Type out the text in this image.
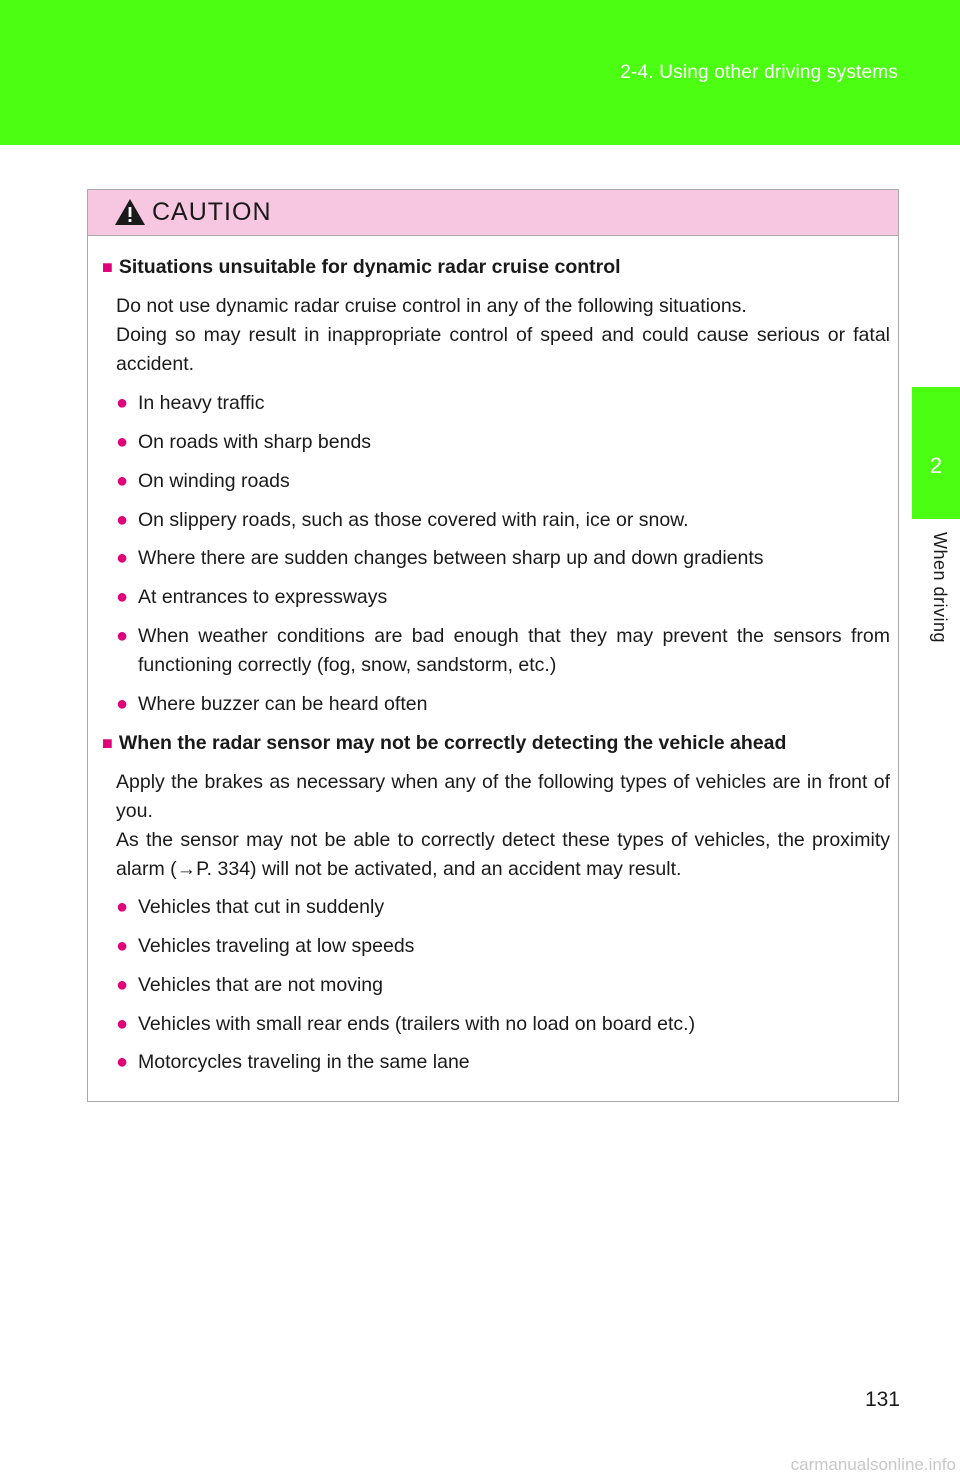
2-4. Using other driving systems
2
When driving
CAUTION
■ Situations unsuitable for dynamic radar cruise control
Do not use dynamic radar cruise control in any of the following situations.
Doing so may result in inappropriate control of speed and could cause serious or fatal accident.
● In heavy traffic
● On roads with sharp bends
● On winding roads
● On slippery roads, such as those covered with rain, ice or snow.
● Where there are sudden changes between sharp up and down gradients
● At entrances to expressways
● When weather conditions are bad enough that they may prevent the sensors from functioning correctly (fog, snow, sandstorm, etc.)
● Where buzzer can be heard often
■ When the radar sensor may not be correctly detecting the vehicle ahead
Apply the brakes as necessary when any of the following types of vehicles are in front of you.
As the sensor may not be able to correctly detect these types of vehicles, the proximity alarm (→P. 334) will not be activated, and an accident may result.
● Vehicles that cut in suddenly
● Vehicles traveling at low speeds
● Vehicles that are not moving
● Vehicles with small rear ends (trailers with no load on board etc.)
● Motorcycles traveling in the same lane
131
carmanualsonline.info
